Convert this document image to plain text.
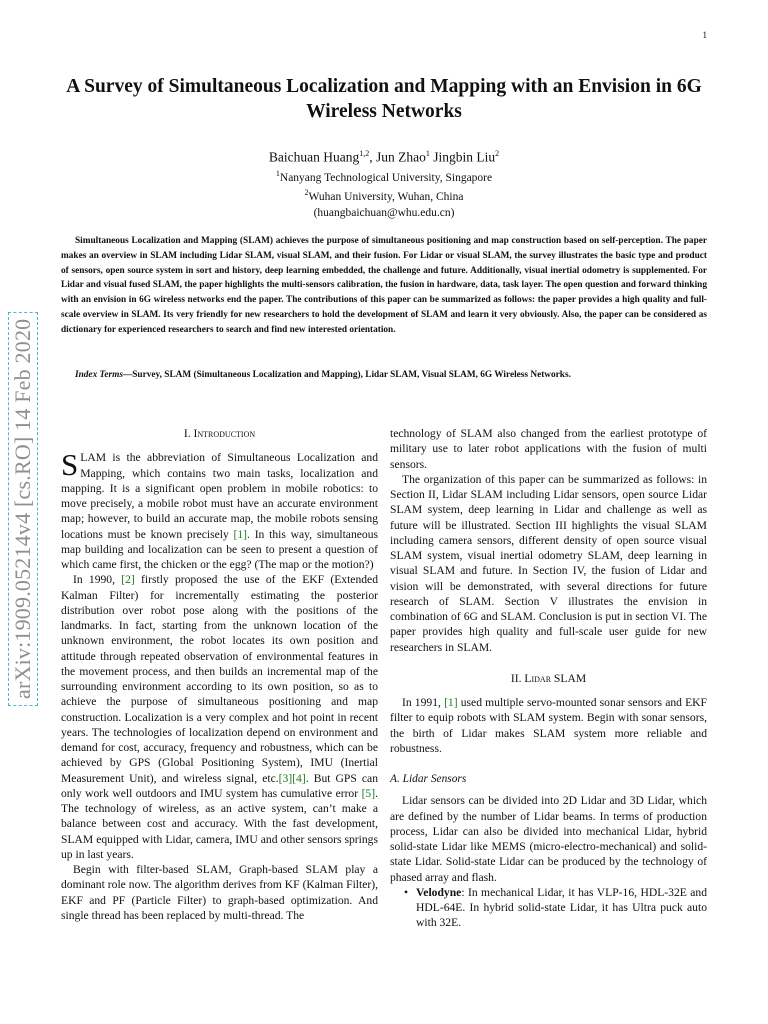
1
arXiv:1909.05214v4 [cs.RO] 14 Feb 2020
A Survey of Simultaneous Localization and Mapping with an Envision in 6G Wireless Networks
Baichuan Huang$^{1,2}$, Jun Zhao$^1$ Jingbin Liu$^2$
$^1$Nanyang Technological University, Singapore
$^2$Wuhan University, Wuhan, China
(huangbaichuan@whu.edu.cn)

Simultaneous Localization and Mapping (SLAM) achieves the purpose of simultaneous positioning and map construction based on self-perception. The paper makes an overview in SLAM including Lidar SLAM, visual SLAM, and their fusion. For Lidar or visual SLAM, the survey illustrates the basic type and product of sensors, open source system in sort and history, deep learning embedded, the challenge and future. Additionally, visual inertial odometry is supplemented. For Lidar and visual fused SLAM, the paper highlights the multi-sensors calibration, the fusion in hardware, data, task layer. The open question and forward thinking with an envision in 6G wireless networks end the paper. The contributions of this paper can be summarized as follows: the paper provides a high quality and full-scale overview in SLAM. Its very friendly for new researchers to hold the development of SLAM and learn it very obviously. Also, the paper can be considered as dictionary for experienced researchers to search and find new interested orientation.

Index Terms—Survey, SLAM (Simultaneous Localization and Mapping), Lidar SLAM, Visual SLAM, 6G Wireless Networks.

I. Introduction

SLAM is the abbreviation of Simultaneous Localization and Mapping, which contains two main tasks, localization and mapping. It is a significant open problem in mobile robotics: to move precisely, a mobile robot must have an accurate environment map; however, to build an accurate map, the mobile robots sensing locations must be known precisely [1]. In this way, simultaneous map building and localization can be seen to present a question of which came first, the chicken or the egg? (The map or the motion?)

In 1990, [2] firstly proposed the use of the EKF (Extended Kalman Filter) for incrementally estimating the posterior distribution over robot pose along with the positions of the landmarks. In fact, starting from the unknown location of the unknown environment, the robot locates its own position and attitude through repeated observation of environmental features in the movement process, and then builds an incremental map of the surrounding environment according to its own position, so as to achieve the purpose of simultaneous positioning and map construction. Localization is a very complex and hot point in recent years. The technologies of localization depend on environment and demand for cost, accuracy, frequency and robustness, which can be achieved by GPS (Global Positioning System), IMU (Inertial Measurement Unit), and wireless signal, etc.[3][4]. But GPS can only work well outdoors and IMU system has cumulative error [5]. The technology of wireless, as an active system, can’t make a balance between cost and accuracy. With the fast development, SLAM equipped with Lidar, camera, IMU and other sensors springs up in last years.

Begin with filter-based SLAM, Graph-based SLAM play a dominant role now. The algorithm derives from KF (Kalman Filter), EKF and PF (Particle Filter) to graph-based optimization. And single thread has been replaced by multi-thread. The

technology of SLAM also changed from the earliest prototype of military use to later robot applications with the fusion of multi sensors.

The organization of this paper can be summarized as follows: in Section II, Lidar SLAM including Lidar sensors, open source Lidar SLAM system, deep learning in Lidar and challenge as well as future will be illustrated. Section III highlights the visual SLAM including camera sensors, different density of open source visual SLAM system, visual inertial odometry SLAM, deep learning in visual SLAM and future. In Section IV, the fusion of Lidar and vision will be demonstrated, with several directions for future research of SLAM. Section V illustrates the envision in combination of 6G and SLAM. Conclusion is put in section VI. The paper provides high quality and full-scale user guide for new researchers in SLAM.

II. Lidar SLAM

In 1991, [1] used multiple servo-mounted sonar sensors and EKF filter to equip robots with SLAM system. Begin with sonar sensors, the birth of Lidar makes SLAM system more reliable and robustness.

A. Lidar Sensors

Lidar sensors can be divided into 2D Lidar and 3D Lidar, which are defined by the number of Lidar beams. In terms of production process, Lidar can also be divided into mechanical Lidar, hybrid solid-state Lidar like MEMS (micro-electro-mechanical) and solid-state Lidar. Solid-state Lidar can be produced by the technology of phased array and flash.

• Velodyne: In mechanical Lidar, it has VLP-16, HDL-32E and HDL-64E. In hybrid solid-state Lidar, it has Ultra puck auto with 32E.
